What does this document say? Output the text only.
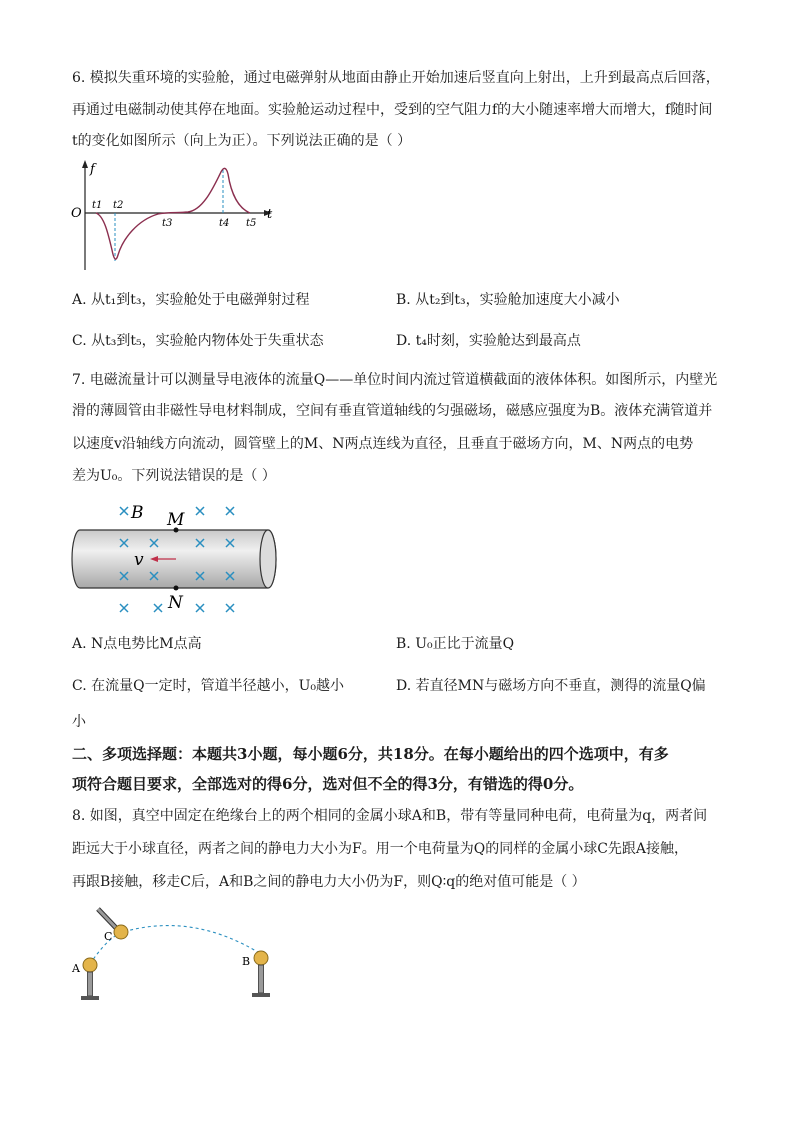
6. 模拟失重环境的实验舱，通过电磁弹射从地面由静止开始加速后竖直向上射出，上升到最高点后回落，
再通过电磁制动使其停在地面。实验舱运动过程中，受到的空气阻力f的大小随速率增大而增大，f随时间
t的变化如图所示（向上为正）。下列说法正确的是（ ）
f
t
O
t1 t2
t3	t4 t5
A. 从t₁到t₃，实验舱处于电磁弹射过程	B. 从t₂到t₃，实验舱加速度大小减小
C. 从t₃到t₅，实验舱内物体处于失重状态	D. t₄时刻，实验舱达到最高点
7. 电磁流量计可以测量导电液体的流量Q——单位时间内流过管道横截面的液体体积。如图所示，内壁光
滑的薄圆管由非磁性导电材料制成，空间有垂直管道轴线的匀强磁场，磁感应强度为B。液体充满管道并
以速度v沿轴线方向流动，圆管壁上的M、N两点连线为直径，且垂直于磁场方向，M、N两点的电势
差为U₀。下列说法错误的是（ ）
M
N
B
v
A. N点电势比M点高	B. U₀正比于流量Q
C. 在流量Q一定时，管道半径越小，U₀越小	D. 若直径MN与磁场方向不垂直，测得的流量Q偏
小
二、多项选择题：本题共3小题，每小题6分，共18分。在每小题给出的四个选项中，有多
项符合题目要求，全部选对的得6分，选对但不全的得3分，有错选的得0分。
8. 如图，真空中固定在绝缘台上的两个相同的金属小球A和B，带有等量同种电荷，电荷量为q，两者间
距远大于小球直径，两者之间的静电力大小为F。用一个电荷量为Q的同样的金属小球C先跟A接触，
再跟B接触，移走C后，A和B之间的静电力大小仍为F，则Q∶q的绝对值可能是（ ）
C
A
B
